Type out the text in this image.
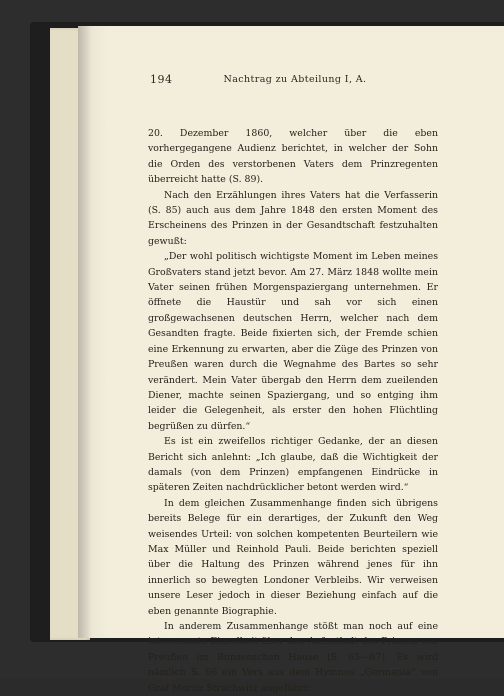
194	Nachtrag zu Abteilung I, A.

20. Dezember 1860, welcher über die eben vorhergegangene Audienz berichtet, in welcher der Sohn die Orden des verstorbenen Vaters dem Prinzregenten überreicht hatte (S. 89).

Nach den Erzählungen ihres Vaters hat die Verfasserin (S. 85) auch aus dem Jahre 1848 den ersten Moment des Erscheinens des Prinzen in der Gesandtschaft festzuhalten gewußt:

„Der wohl politisch wichtigste Moment im Leben meines Großvaters stand jetzt bevor. Am 27. März 1848 wollte mein Vater seinen frühen Morgenspaziergang unternehmen. Er öffnete die Haustür und sah vor sich einen großgewachsenen deutschen Herrn, welcher nach dem Gesandten fragte. Beide fixierten sich, der Fremde schien eine Erkennung zu erwarten, aber die Züge des Prinzen von Preußen waren durch die Wegnahme des Bartes so sehr verändert. Mein Vater übergab den Herrn dem zueilenden Diener, machte seinen Spaziergang, und so entging ihm leider die Gelegenheit, als erster den hohen Flüchtling begrüßen zu dürfen.“

Es ist ein zweifellos richtiger Gedanke, der an diesen Bericht sich anlehnt: „Ich glaube, daß die Wichtigkeit der damals (von dem Prinzen) empfangenen Eindrücke in späteren Zeiten nachdrücklicher betont werden wird.“

In dem gleichen Zusammenhange finden sich übrigens bereits Belege für ein derartiges, der Zukunft den Weg weisendes Urteil: von solchen kompetenten Beurteilern wie Max Müller und Reinhold Pauli. Beide berichten speziell über die Haltung des Prinzen während jenes für ihn innerlich so bewegten Londoner Verbleibs. Wir verweisen unsere Leser jedoch in dieser Beziehung einfach auf die eben genannte Biographie.

In anderem Zusammenhange stößt man noch auf eine interessante Einzelheit über den Aufenthalt des Prinzen von Preußen im Bunsenschen Hause (S. 65—67). Es wird nämlich S. 66 ein Vers aus dem Hymnus „Germania“ von Graf Moritz Strachwitz angeführt:
